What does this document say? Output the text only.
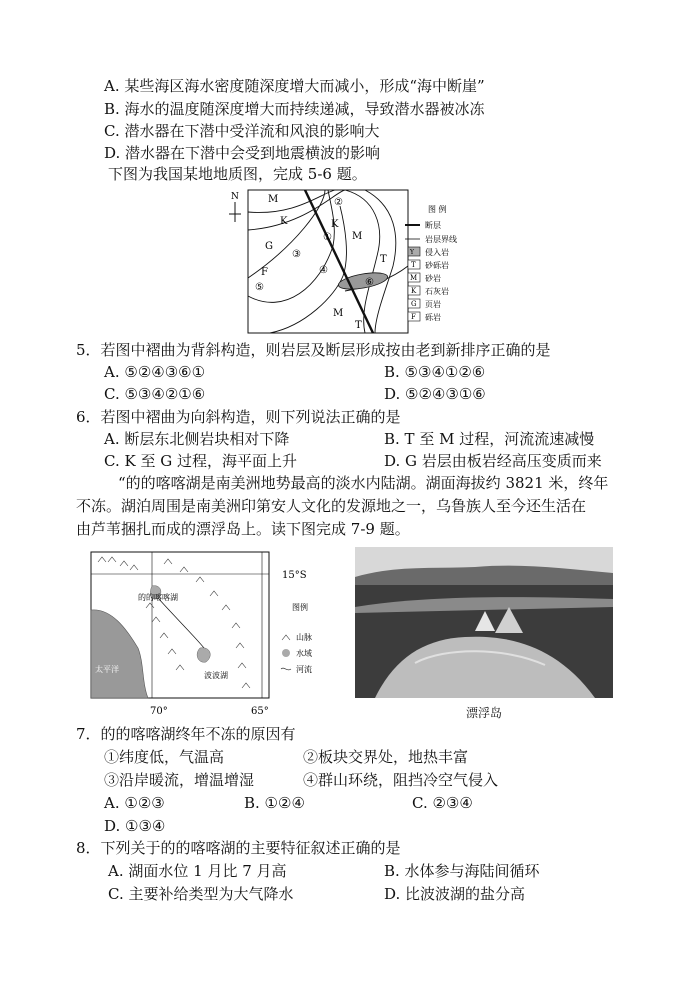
A. 某些海区海水密度随深度增大而减小，形成“海中断崖”
B. 海水的温度随深度增大而持续递减，导致潜水器被冰冻
C. 潜水器在下潜中受洋流和风浪的影响大
D. 潜水器在下潜中会受到地震横波的影响
下图为我国某地地质图，完成 5-6 题。
N	M
K
G
F
⑤
③
②
①
④
K
M
T
⑥
M
T
图 例
断层
岩层界线
Y 侵入岩
T 砂砾岩
M 砂岩
K 石灰岩
G 页岩
F 砾岩
5．若图中褶曲为背斜构造，则岩层及断层形成按由老到新排序正确的是
A. ⑤②④③⑥①	B. ⑤③④①②⑥
C. ⑤③④②①⑥	D. ⑤②④③①⑥
6．若图中褶曲为向斜构造，则下列说法正确的是
A. 断层东北侧岩块相对下降	B. T 至 M 过程，河流流速减慢
C. K 至 G 过程，海平面上升	D. G 岩层由板岩经高压变质而来
“的的喀喀湖是南美洲地势最高的淡水内陆湖。湖面海拔约 3821 米，终年
不冻。湖泊周围是南美洲印第安人文化的发源地之一，乌鲁族人至今还生活在
由芦苇捆扎而成的漂浮岛上。读下图完成 7-9 题。
15°S
的的喀喀湖
波波湖
太平洋
70°	65°
图例
山脉
水域
河流
漂浮岛
7．的的喀喀湖终年不冻的原因有
①纬度低，气温高	②板块交界处，地热丰富
③沿岸暖流，增温增湿	④群山环绕，阻挡冷空气侵入
A. ①②③	B. ①②④	C. ②③④
D. ①③④
8．下列关于的的喀喀湖的主要特征叙述正确的是
A. 湖面水位 1 月比 7 月高	B. 水体参与海陆间循环
C. 主要补给类型为大气降水	D. 比波波湖的盐分高
